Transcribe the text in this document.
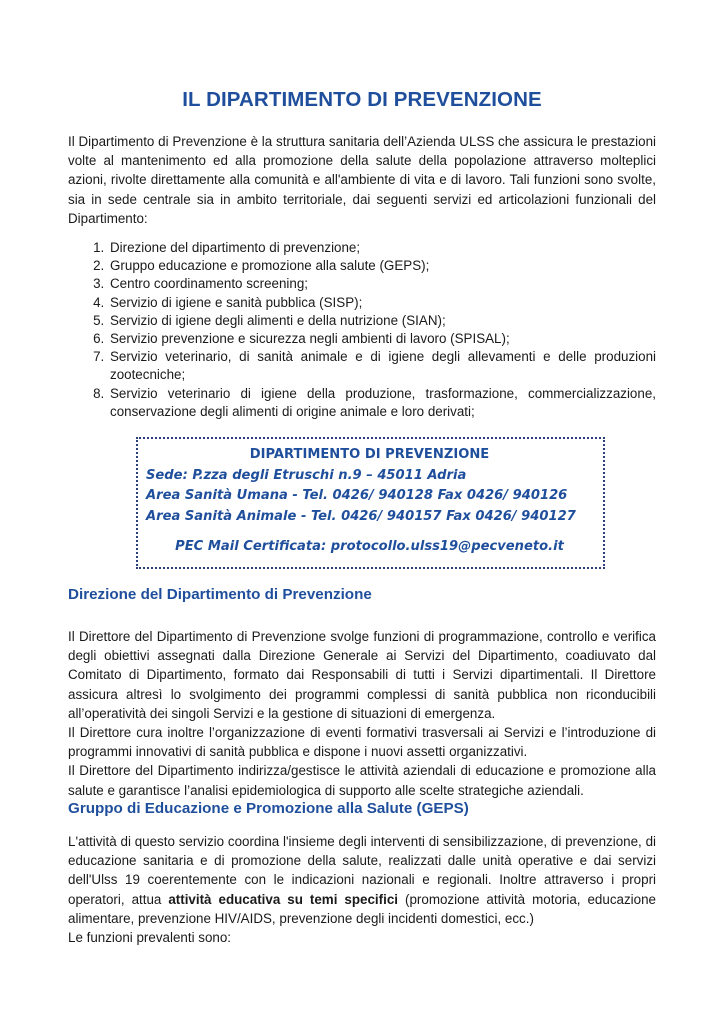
IL DIPARTIMENTO DI PREVENZIONE

Il Dipartimento di Prevenzione è la struttura sanitaria dell’Azienda ULSS che assicura le prestazioni volte al mantenimento ed alla promozione della salute della popolazione attraverso molteplici azioni, rivolte direttamente alla comunità e all'ambiente di vita e di lavoro. Tali funzioni sono svolte, sia in sede centrale sia in ambito territoriale, dai seguenti servizi ed articolazioni funzionali del Dipartimento:

1. Direzione del dipartimento di prevenzione;
2. Gruppo educazione e promozione alla salute (GEPS);
3. Centro coordinamento screening;
4. Servizio di igiene e sanità pubblica (SISP);
5. Servizio di igiene degli alimenti e della nutrizione (SIAN);
6. Servizio prevenzione e sicurezza negli ambienti di lavoro (SPISAL);
7. Servizio veterinario, di sanità animale e di igiene degli allevamenti e delle produzioni zootecniche;
8. Servizio veterinario di igiene della produzione, trasformazione, commercializzazione, conservazione degli alimenti di origine animale e loro derivati;
DIPARTIMENTO DI PREVENZIONE
Sede: P.zza degli Etruschi n.9 – 45011 Adria
Area Sanità Umana - Tel. 0426/ 940128 Fax 0426/ 940126
Area Sanità Animale - Tel. 0426/ 940157 Fax 0426/ 940127
PEC Mail Certificata: protocollo.ulss19@pecveneto.it
Direzione del Dipartimento di Prevenzione

Il Direttore del Dipartimento di Prevenzione svolge funzioni di programmazione, controllo e verifica degli obiettivi assegnati dalla Direzione Generale ai Servizi del Dipartimento, coadiuvato dal Comitato di Dipartimento, formato dai Responsabili di tutti i Servizi dipartimentali. Il Direttore assicura altresì lo svolgimento dei programmi complessi di sanità pubblica non riconducibili all’operatività dei singoli Servizi e la gestione di situazioni di emergenza.

Il Direttore cura inoltre l’organizzazione di eventi formativi trasversali ai Servizi e l’introduzione di programmi innovativi di sanità pubblica e dispone i nuovi assetti organizzativi.

Il Direttore del Dipartimento indirizza/gestisce le attività aziendali di educazione e promozione alla salute e garantisce l’analisi epidemiologica di supporto alle scelte strategiche aziendali.

Gruppo di Educazione e Promozione alla Salute (GEPS)

L'attività di questo servizio coordina l'insieme degli interventi di sensibilizzazione, di prevenzione, di educazione sanitaria e di promozione della salute, realizzati dalle unità operative e dai servizi dell'Ulss 19 coerentemente con le indicazioni nazionali e regionali. Inoltre attraverso i propri operatori, attua attività educativa su temi specifici (promozione attività motoria, educazione alimentare, prevenzione HIV/AIDS, prevenzione degli incidenti domestici, ecc.)

Le funzioni prevalenti sono:
